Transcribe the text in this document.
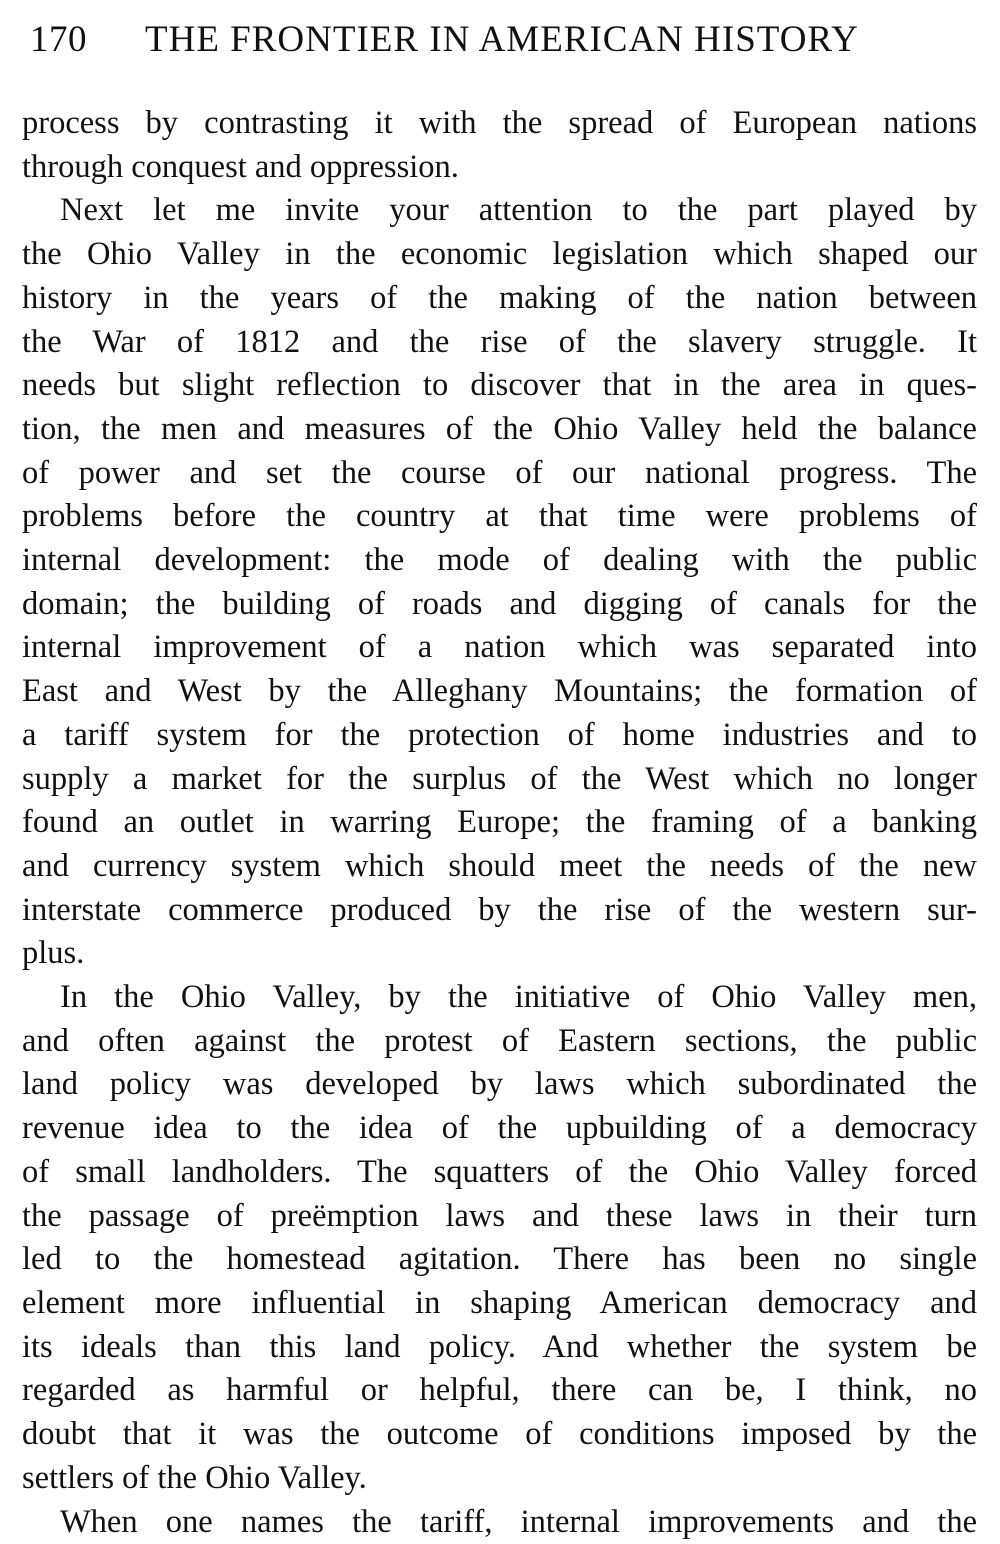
170	THE FRONTIER IN AMERICAN HISTORY

process by contrasting it with the spread of European nations
through conquest and oppression.

Next let me invite your attention to the part played by
the Ohio Valley in the economic legislation which shaped our
history in the years of the making of the nation between
the War of 1812 and the rise of the slavery struggle. It
needs but slight reflection to discover that in the area in ques-
tion, the men and measures of the Ohio Valley held the balance
of power and set the course of our national progress. The
problems before the country at that time were problems of
internal development: the mode of dealing with the public
domain; the building of roads and digging of canals for the
internal improvement of a nation which was separated into
East and West by the Alleghany Mountains; the formation of
a tariff system for the protection of home industries and to
supply a market for the surplus of the West which no longer
found an outlet in warring Europe; the framing of a banking
and currency system which should meet the needs of the new
interstate commerce produced by the rise of the western sur-
plus.

In the Ohio Valley, by the initiative of Ohio Valley men,
and often against the protest of Eastern sections, the public
land policy was developed by laws which subordinated the
revenue idea to the idea of the upbuilding of a democracy
of small landholders. The squatters of the Ohio Valley forced
the passage of preëmption laws and these laws in their turn
led to the homestead agitation. There has been no single
element more influential in shaping American democracy and
its ideals than this land policy. And whether the system be
regarded as harmful or helpful, there can be, I think, no
doubt that it was the outcome of conditions imposed by the
settlers of the Ohio Valley.

When one names the tariff, internal improvements and the
